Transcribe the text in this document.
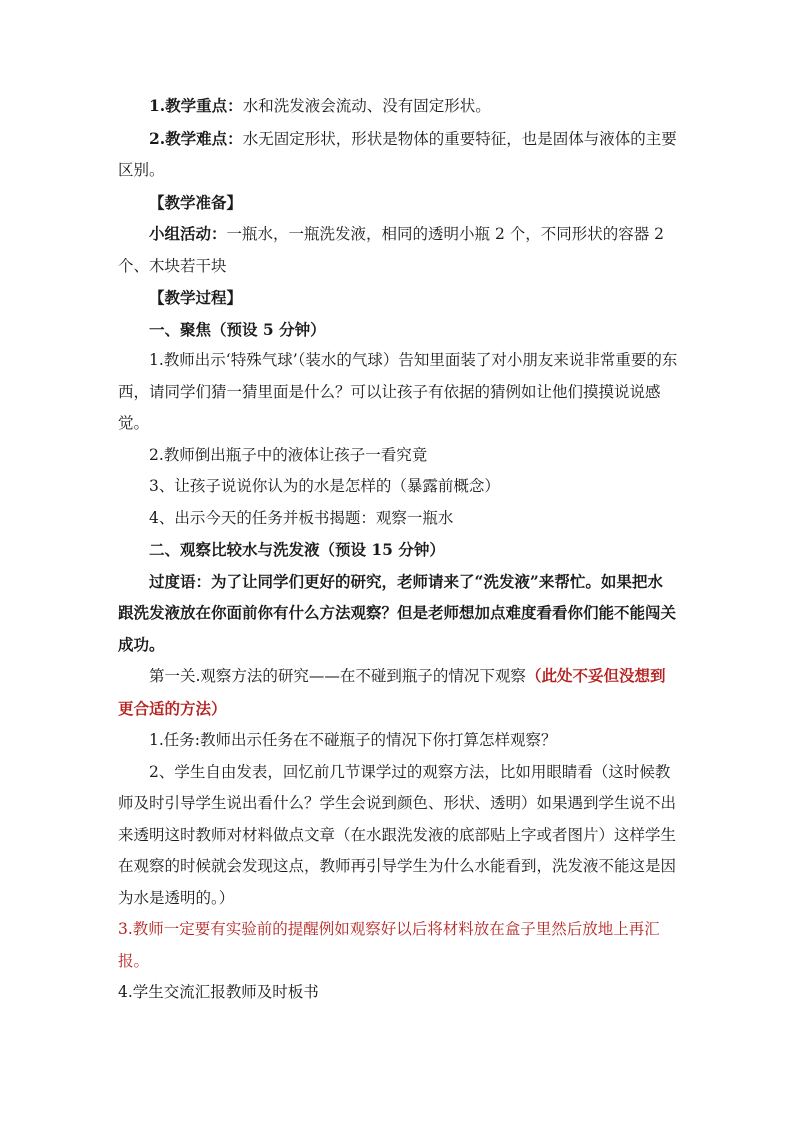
1.教学重点：水和洗发液会流动、没有固定形状。

2.教学难点：水无固定形状，形状是物体的重要特征，也是固体与液体的主要区别。

【教学准备】

小组活动：一瓶水，一瓶洗发液，相同的透明小瓶 2 个，不同形状的容器 2 个、木块若干块

【教学过程】

一、聚焦（预设 5 分钟）

1.教师出示‘特殊气球’（装水的气球）告知里面装了对小朋友来说非常重要的东西，请同学们猜一猜里面是什么？可以让孩子有依据的猜例如让他们摸摸说说感觉。

2.教师倒出瓶子中的液体让孩子一看究竟

3、让孩子说说你认为的水是怎样的（暴露前概念）

4、出示今天的任务并板书揭题：观察一瓶水

二、观察比较水与洗发液（预设 15 分钟）

过度语：为了让同学们更好的研究，老师请来了“洗发液”来帮忙。如果把水跟洗发液放在你面前你有什么方法观察？但是老师想加点难度看看你们能不能闯关成功。

第一关.观察方法的研究——在不碰到瓶子的情况下观察（此处不妥但没想到更合适的方法）

1.任务:教师出示任务在不碰瓶子的情况下你打算怎样观察？

2、学生自由发表，回忆前几节课学过的观察方法，比如用眼睛看（这时候教师及时引导学生说出看什么？学生会说到颜色、形状、透明）如果遇到学生说不出来透明这时教师对材料做点文章（在水跟洗发液的底部贴上字或者图片）这样学生在观察的时候就会发现这点，教师再引导学生为什么水能看到，洗发液不能这是因为水是透明的。）

3.教师一定要有实验前的提醒例如观察好以后将材料放在盒子里然后放地上再汇报。

4.学生交流汇报教师及时板书
